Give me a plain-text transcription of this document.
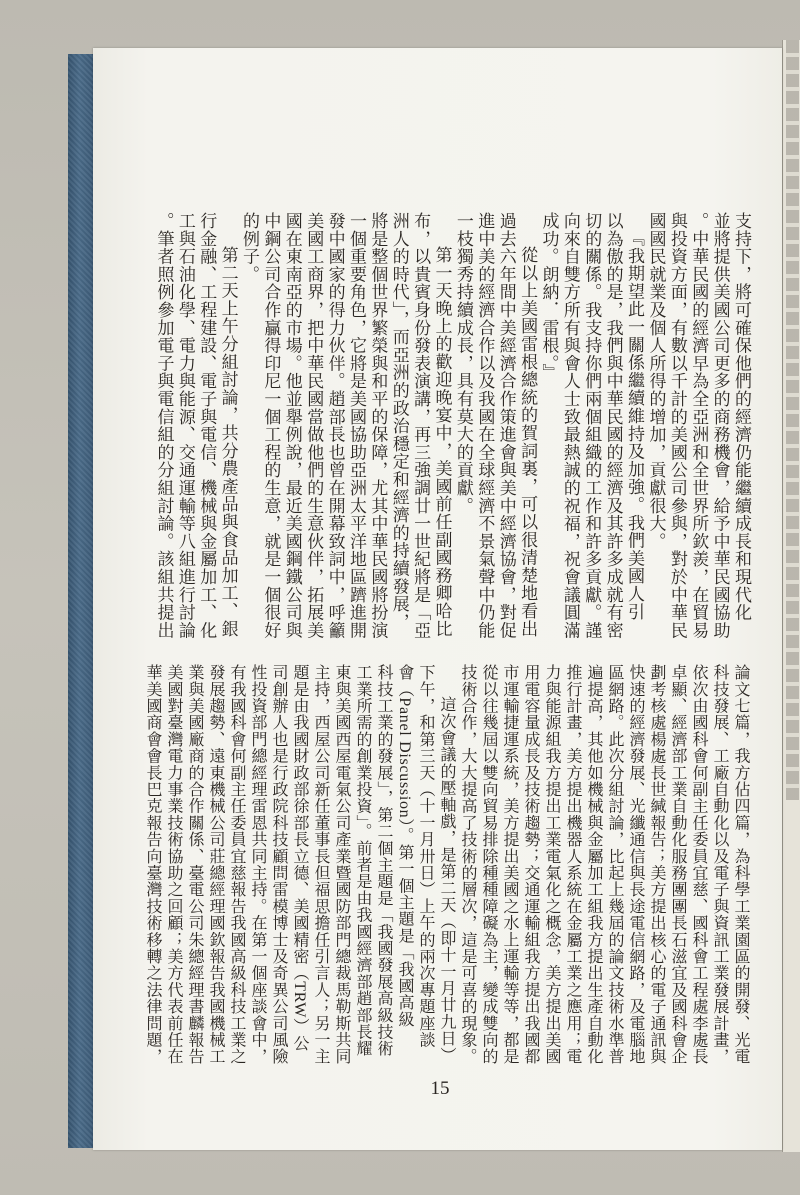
支持下，將可確保他們的經濟仍能繼續成長和現代化
並將提供美國公司更多的商務機會，給予中華民國協助
。中華民國的經濟早為全亞洲和全世界所欽羨，在貿易
與投資方面，有數以千計的美國公司參與，對於中華民
國國民就業及個人所得的增加，貢獻很大。
『我期望此一關係繼續維持及加強。我們美國人引
以為傲的是，我們與中華民國的經濟及其許多成就有密
切的關係。我支持你們兩個組織的工作和許多貢獻。謹
向來自雙方所有與會人士致最熱誠的祝福，祝會議圓滿
成功。朗納．雷根。』
從以上美國雷根總統的賀詞裏，可以很清楚地看出
過去六年間中美經濟合作策進會與美中經濟協會，對促
進中美的經濟合作以及我國在全球經濟不景氣聲中仍能
一枝獨秀持續成長，具有莫大的貢獻。
第一天晚上的歡迎晚宴中，美國前任副國務卿哈比
布，以貴賓身份發表演講，再三強調廿一世紀將是「亞
洲人的時代」，而亞洲的政治穩定和經濟的持續發展，
將是整個世界繁榮與和平的保障，尤其中華民國將扮演
一個重要角色，它將是美國協助亞洲太平洋地區躋進開
發中國家的得力伙伴。趙部長也曾在開幕致詞中，呼籲
美國工商界，把中華民國當做他們的生意伙伴，拓展美
國在東南亞的市場。他並舉例說，最近美國鋼鐵公司與
中鋼公司合作贏得印尼一個工程的生意，就是一個很好
的例子。
第二天上午分組討論，共分農產品與食品加工、銀
行金融、工程建設、電子與電信、機械與金屬加工、化
工與石油化學、電力與能源、交通運輸等八組進行討論
。筆者照例參加電子與電信組的分組討論。該組共提出
論文七篇，我方佔四篇，為科學工業園區的開發、光電
科技發展、工廠自動化以及電子與資訊工業發展計畫，
依次由國科會何副主任委員宜慈、國科會工程處李處長
卓顯、經濟部工業自動化服務團團長石滋宜及國科會企
劃考核處楊處長世緘報告；美方提出核心的電子通訊與
快速的經濟發展、光纖通信與長途電信網路，及電腦地
區網路。此次分組討論，比起上幾屆的論文技術水準普
遍提高，其他如機械與金屬加工組我方提出生產自動化
推行計畫，美方提出機器人系統在金屬工業之應用；電
力與能源組我方提出工業電氣化之概念，美方提出美國
用電容量成長及技術趨勢；交通運輸組我方提出我國都
市運輸捷運系統，美方提出美國之水上運輸等等，都是
從以往幾屆以雙向貿易排除種種障礙為主，變成雙向的
技術合作，大大提高了技術的層次，這是可喜的現象。
這次會議的壓軸戲，是第二天（即十一月廿九日）
下午，和第三天（十一月卅日）上午的兩次專題座談
會（Panel Discussion）。第一個主題是「我國高級
科技工業的發展」，第二個主題是「我國發展高級技術
工業所需的創業投資」。前者是由我國經濟部趙部長耀
東與美國西屋電氣公司產業暨國防部門總裁馬勒斯共同
主持，西屋公司新任董事長但福思擔任引言人；另一主
題是由我國財政部徐部長立德、美國精密（TRW）公
司創辦人也是行政院科技顧問雷模博士及奇異公司風險
性投資部門總經理雷恩共同主持。在第一個座談會中，
有我國科會何副主任委員宜慈報告我國高級科技工業之
發展趨勢、遠東機械公司莊總經理國欽報告我國機械工
業與美國廠商的合作關係、臺電公司朱總經理書麟報告
美國對臺灣電力事業技術協助之回顧；美方代表前任在
華美國商會會長巴克報告向臺灣技術移轉之法律問題，
15
